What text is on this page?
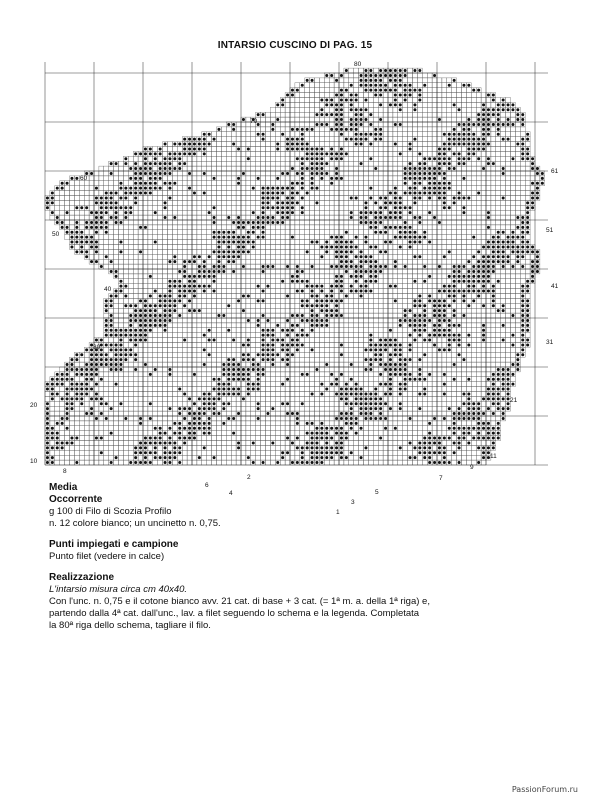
INTARSIO CUSCINO DI PAG. 15
70
60
50
40
30
20
10
61
51
41
31
21
11
80
1
2
3
4	5
6
7
8
9
Media
Occorrente
g 100 di Filo di Scozia Profilo
n. 12 colore bianco; un uncinetto n. 0,75.
Punti impiegati e campione
Punto filet (vedere in calce)
Realizzazione
L'intarsio misura circa cm 40x40.
Con l'unc. n. 0,75 e il cotone bianco avv. 21 cat. di base + 3 cat. (= 1ª m. a. della 1ª riga) e,
partendo dalla 4ª cat. dall'unc., lav. a filet seguendo lo schema e la legenda. Completata
la 80ª riga dello schema, tagliare il filo.
PassionForum.ru
